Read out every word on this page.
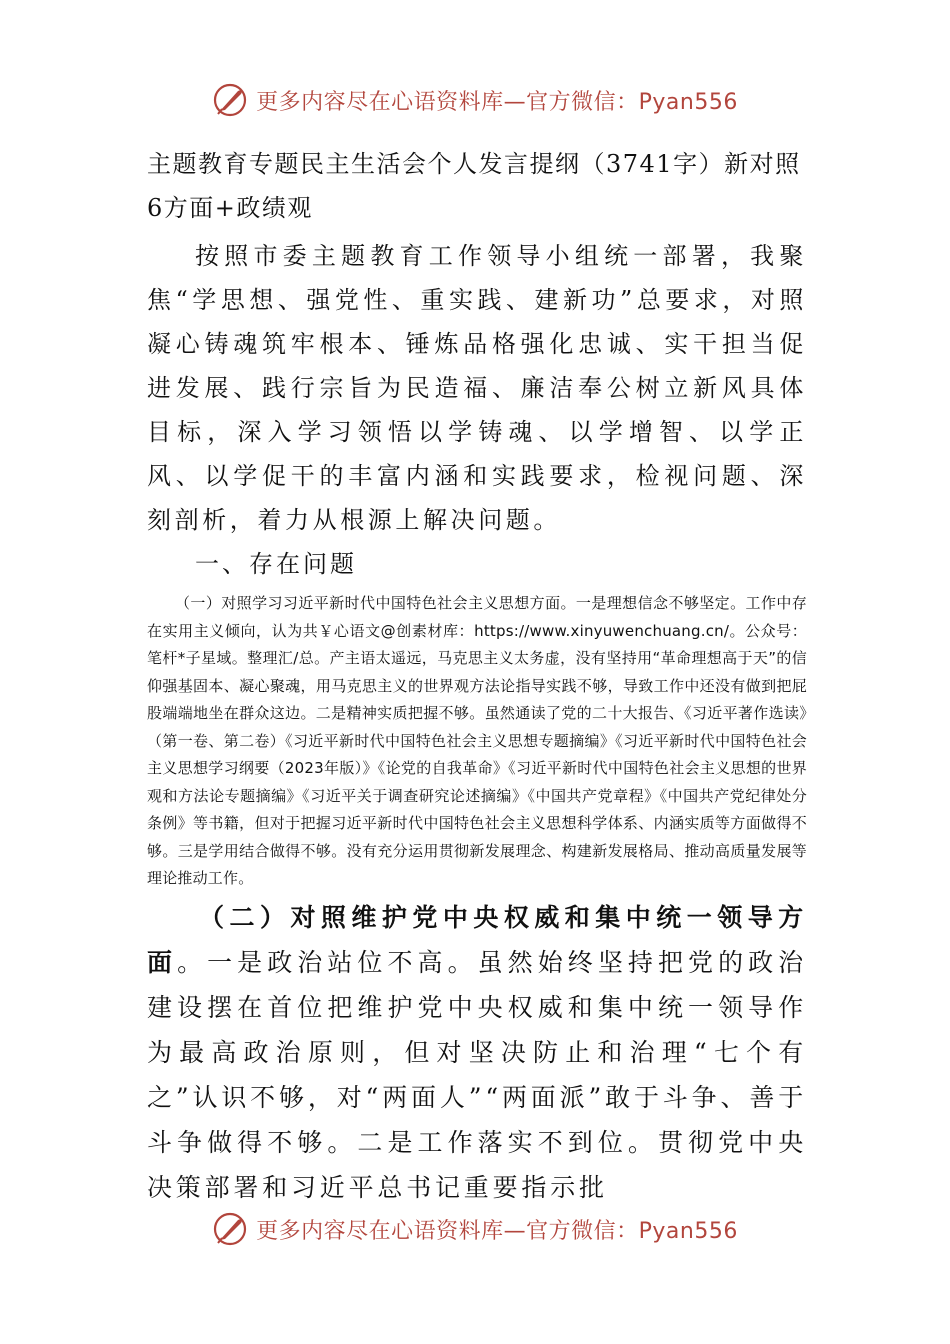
更多内容尽在心语资料库—官方微信：Pyan556

主题教育专题民主生活会个人发言提纲（3741字）新对照6方面+政绩观

按照市委主题教育工作领导小组统一部署，我聚焦“学思想、强党性、重实践、建新功”总要求，对照凝心铸魂筑牢根本、锤炼品格强化忠诚、实干担当促进发展、践行宗旨为民造福、廉洁奉公树立新风具体目标，深入学习领悟以学铸魂、以学增智、以学正风、以学促干的丰富内涵和实践要求，检视问题、深刻剖析，着力从根源上解决问题。

一、存在问题

（一）对照学习习近平新时代中国特色社会主义思想方面。一是理想信念不够坚定。工作中存在实用主义倾向，认为共￥心语文@创素材库：https://www.xinyuwenchuang.cn/。公众号：笔杆*子星域。整理汇/总。产主语太遥远，马克思主义太务虚，没有坚持用“革命理想高于天”的信仰强基固本、凝心聚魂，用马克思主义的世界观方法论指导实践不够，导致工作中还没有做到把屁股端端地坐在群众这边。二是精神实质把握不够。虽然通读了党的二十大报告、《习近平著作选读》（第一卷、第二卷）《习近平新时代中国特色社会主义思想专题摘编》《习近平新时代中国特色社会主义思想学习纲要（2023年版）》《论党的自我革命》《习近平新时代中国特色社会主义思想的世界观和方法论专题摘编》《习近平关于调查研究论述摘编》《中国共产党章程》《中国共产党纪律处分条例》等书籍，但对于把握习近平新时代中国特色社会主义思想科学体系、内涵实质等方面做得不够。三是学用结合做得不够。没有充分运用贯彻新发展理念、构建新发展格局、推动高质量发展等理论推动工作。

（二）对照维护党中央权威和集中统一领导方面。一是政治站位不高。虽然始终坚持把党的政治建设摆在首位把维护党中央权威和集中统一领导作为最高政治原则，但对坚决防止和治理“七个有之”认识不够，对“两面人”“两面派”敢于斗争、善于斗争做得不够。二是工作落实不到位。贯彻党中央决策部署和习近平总书记重要指示批

更多内容尽在心语资料库—官方微信：Pyan556
